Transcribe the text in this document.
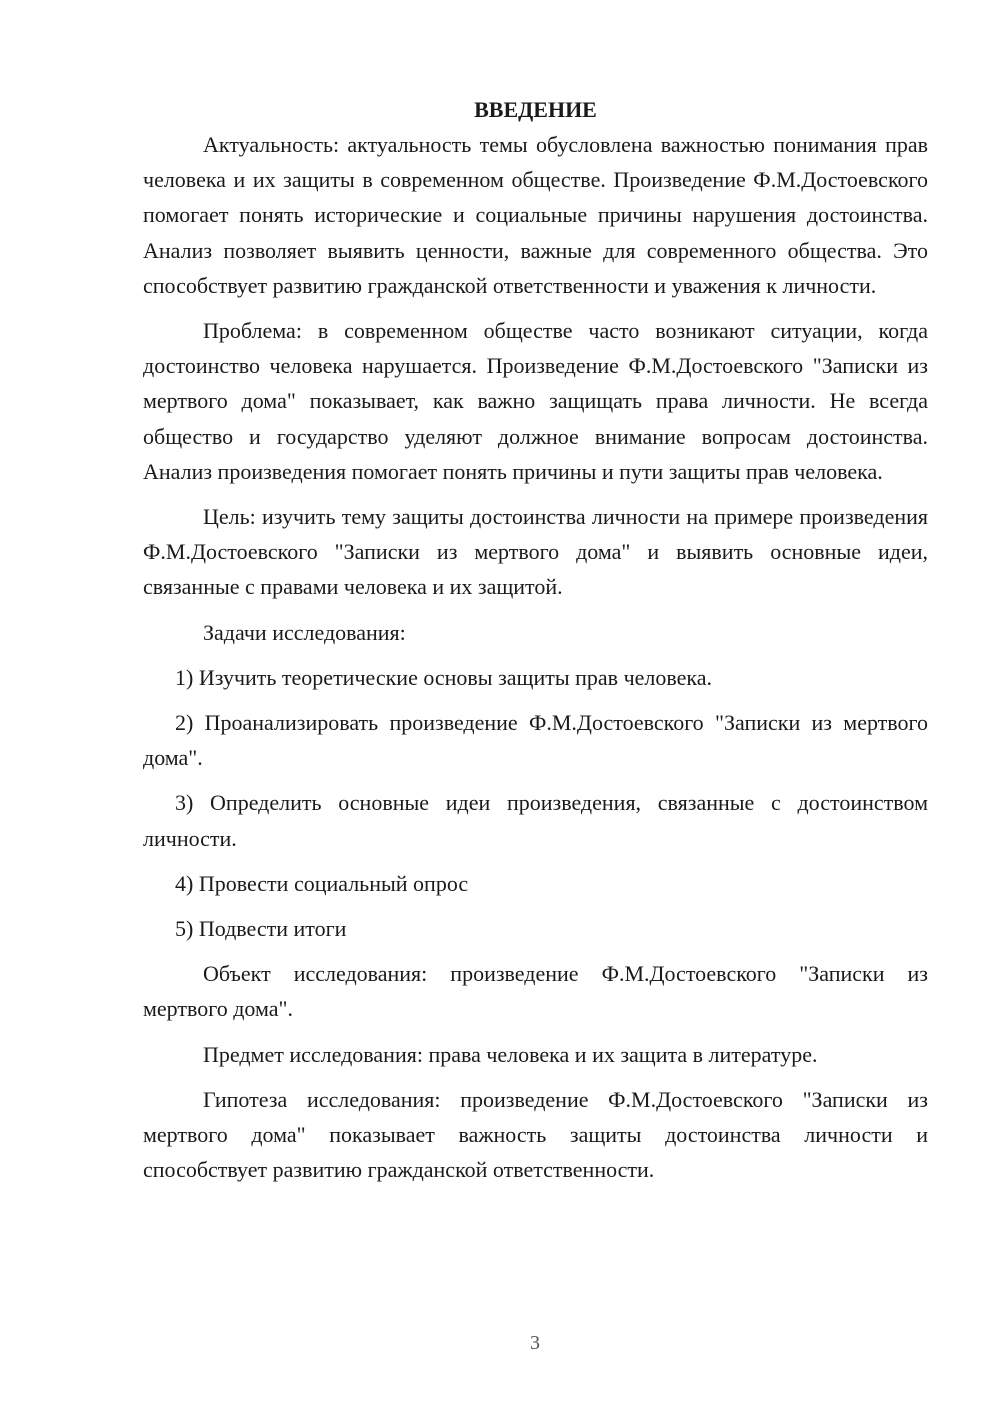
ВВЕДЕНИЕ

Актуальность: актуальность темы обусловлена важностью понимания прав человека и их защиты в современном обществе. Произведение Ф.М.Достоевского помогает понять исторические и социальные причины нарушения достоинства. Анализ позволяет выявить ценности, важные для современного общества. Это способствует развитию гражданской ответственности и уважения к личности.

Проблема: в современном обществе часто возникают ситуации, когда достоинство человека нарушается. Произведение Ф.М.Достоевского "Записки из мертвого дома" показывает, как важно защищать права личности. Не всегда общество и государство уделяют должное внимание вопросам достоинства. Анализ произведения помогает понять причины и пути защиты прав человека.

Цель: изучить тему защиты достоинства личности на примере произведения Ф.М.Достоевского "Записки из мертвого дома" и выявить основные идеи, связанные с правами человека и их защитой.

Задачи исследования:

1) Изучить теоретические основы защиты прав человека.

2) Проанализировать произведение Ф.М.Достоевского "Записки из мертвого дома".

3) Определить основные идеи произведения, связанные с достоинством личности.

4) Провести социальный опрос

5) Подвести итоги

Объект исследования: произведение Ф.М.Достоевского "Записки из мертвого дома".

Предмет исследования: права человека и их защита в литературе.

Гипотеза исследования: произведение Ф.М.Достоевского "Записки из мертвого дома" показывает важность защиты достоинства личности и способствует развитию гражданской ответственности.

3
